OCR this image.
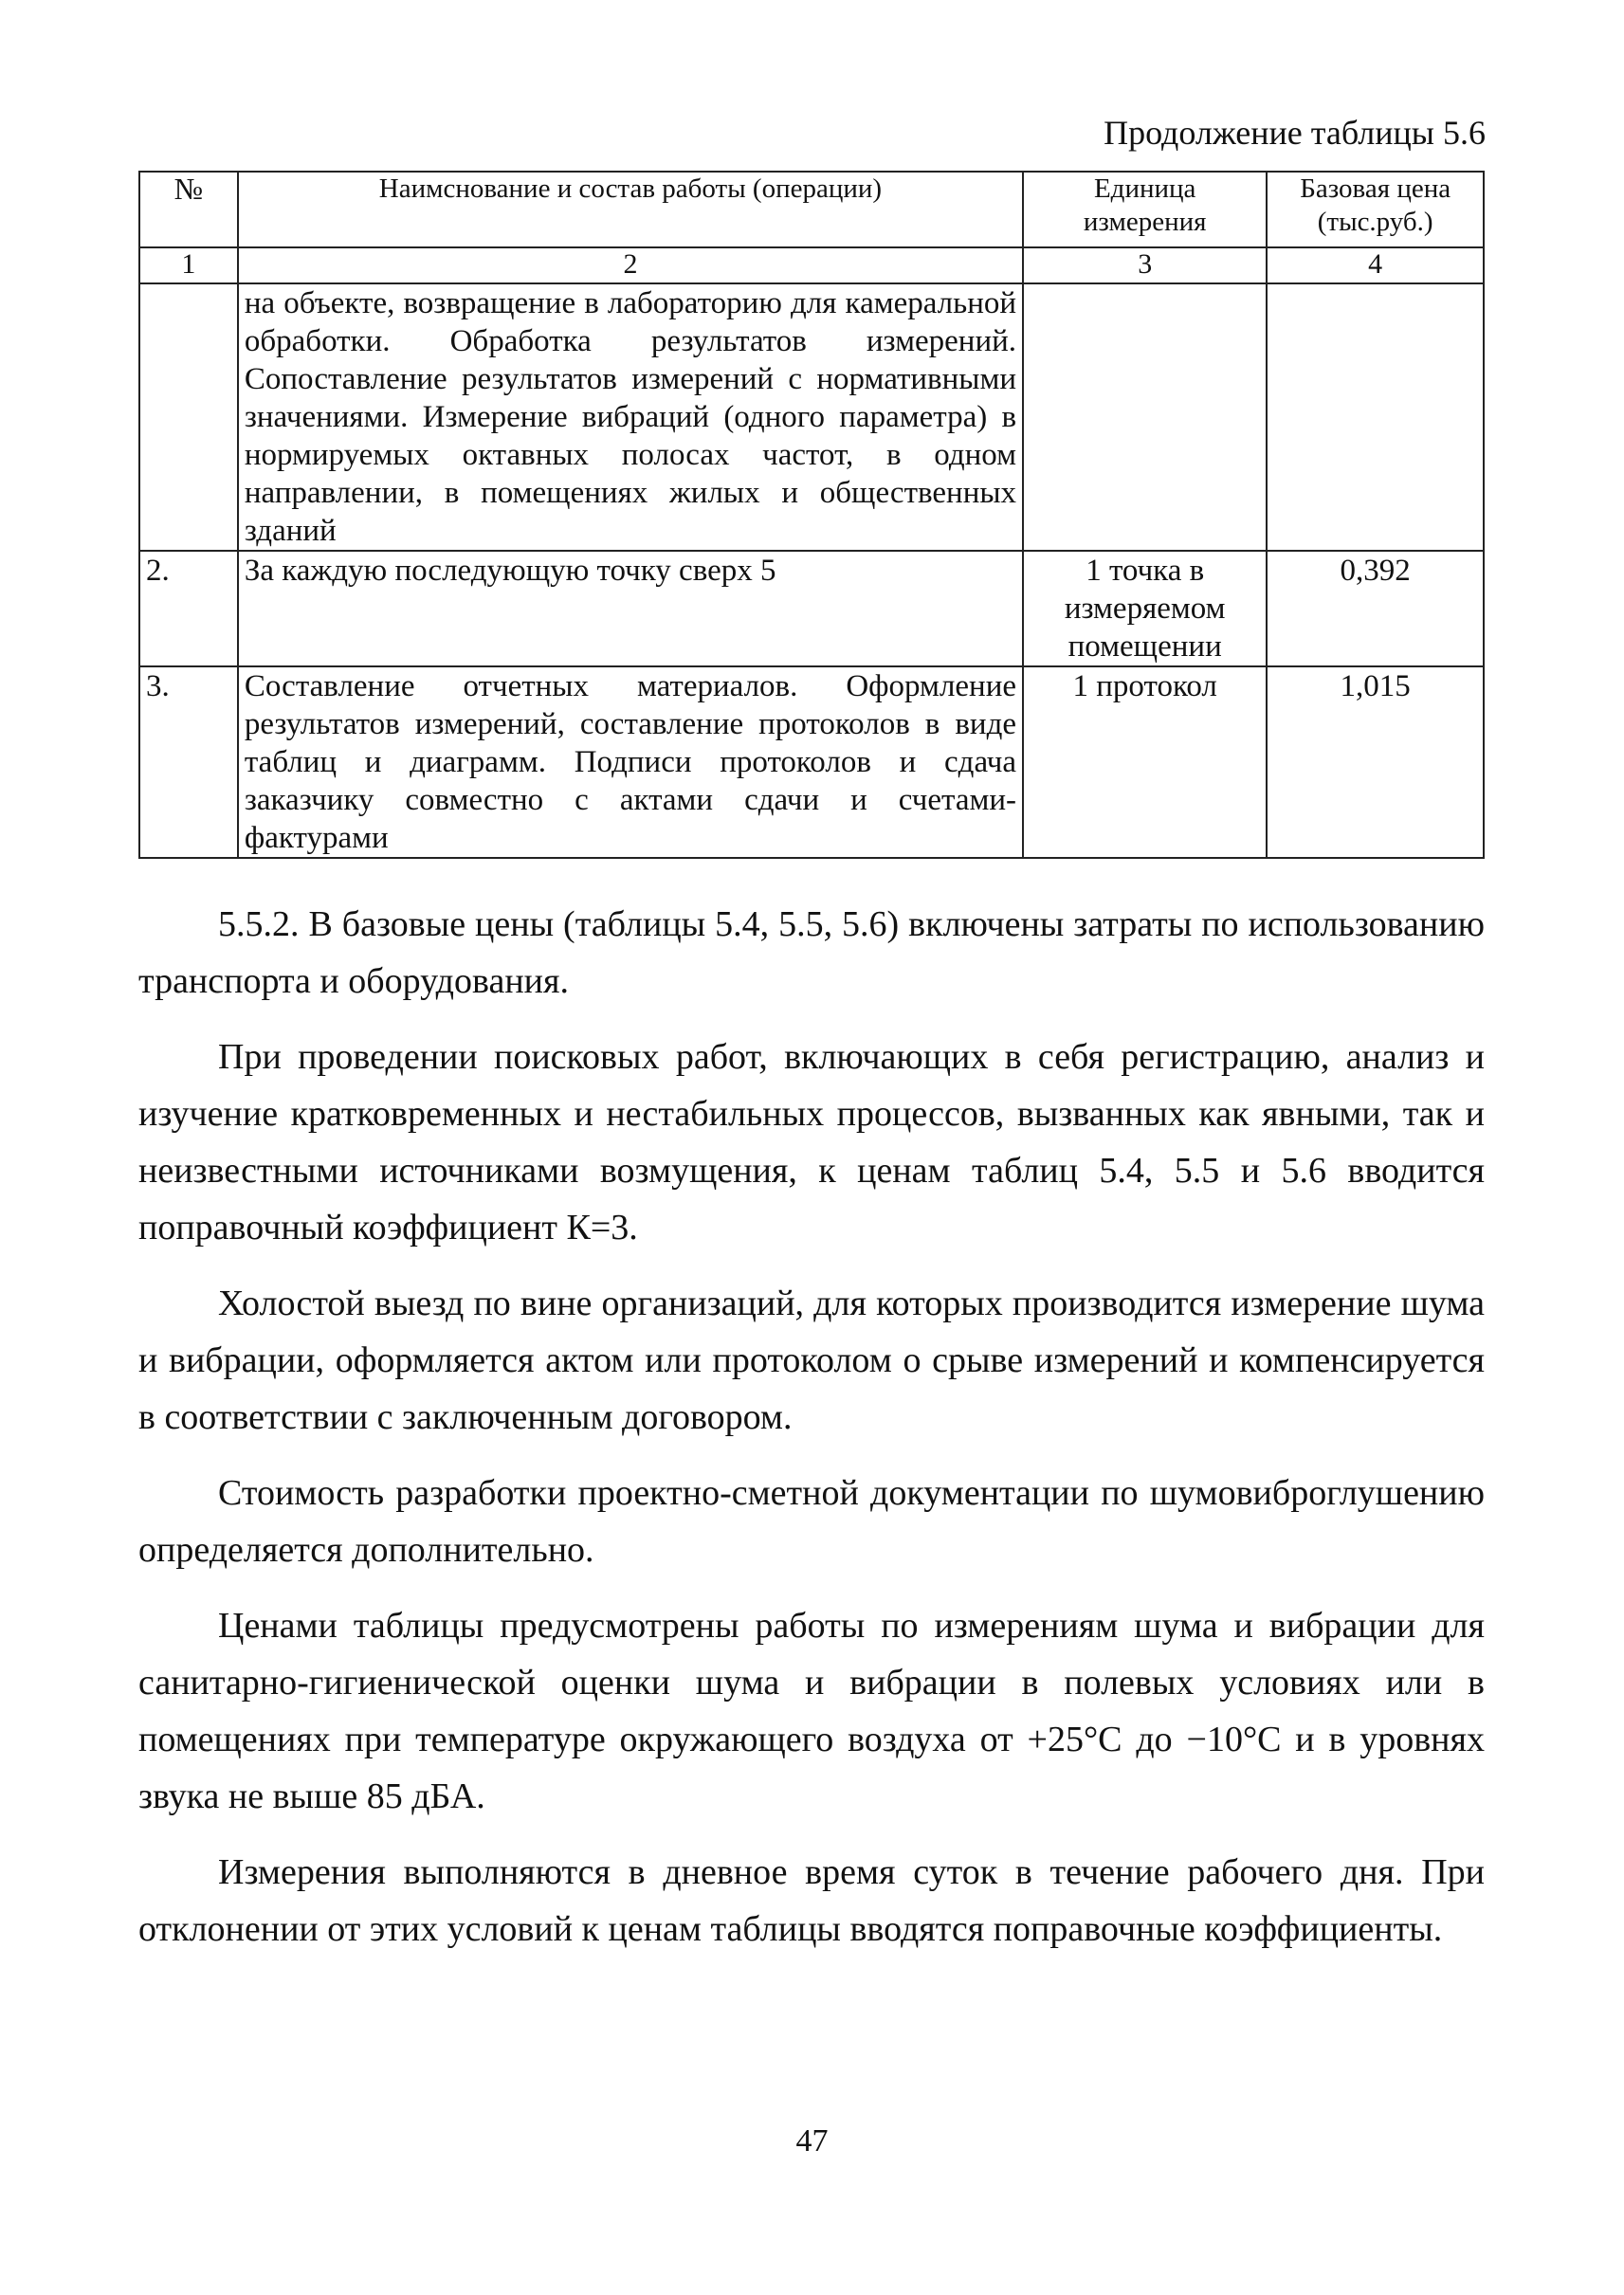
Продолжение таблицы 5.6
№	Наимснование и состав работы (операции)	Единица измерения	Базовая цена (тыс.руб.)
1	2	3	4
	на объекте, возвращение в лабораторию для камеральной обработки. Обработка результатов измерений. Сопоставление результатов измерений с нормативными значениями. Измерение вибраций (одного параметра) в нормируемых октавных полосах частот, в одном направлении, в помещениях жилых и общественных зданий		
2.	За каждую последующую точку сверх 5	1 точка в измеряемом помещении	0,392
3.	Составление отчетных материалов. Оформление результатов измерений, составление протоколов в виде таблиц и диаграмм. Подписи протоколов и сдача заказчику совместно с актами сдачи и счетами-фактурами	1 протокол	1,015

5.5.2. В базовые цены (таблицы 5.4, 5.5, 5.6) включены затраты по использованию транспорта и оборудования.

При проведении поисковых работ, включающих в себя регистрацию, анализ и изучение кратковременных и нестабильных процессов, вызванных как явными, так и неизвестными источниками возмущения, к ценам таблиц 5.4, 5.5 и 5.6 вводится поправочный коэффициент К=3.

Холостой выезд по вине организаций, для которых производится измерение шума и вибрации, оформляется актом или протоколом о срыве измерений и компенсируется в соответствии с заключенным договором.

Стоимость разработки проектно-сметной документации по шумовиброглушению определяется дополнительно.

Ценами таблицы предусмотрены работы по измерениям шума и вибрации для санитарно-гигиенической оценки шума и вибрации в полевых условиях или в помещениях при температуре окружающего воздуха от +25°С до −10°С и в уровнях звука не выше 85 дБА.

Измерения выполняются в дневное время суток в течение рабочего дня. При отклонении от этих условий к ценам таблицы вводятся поправочные коэффициенты.

47
